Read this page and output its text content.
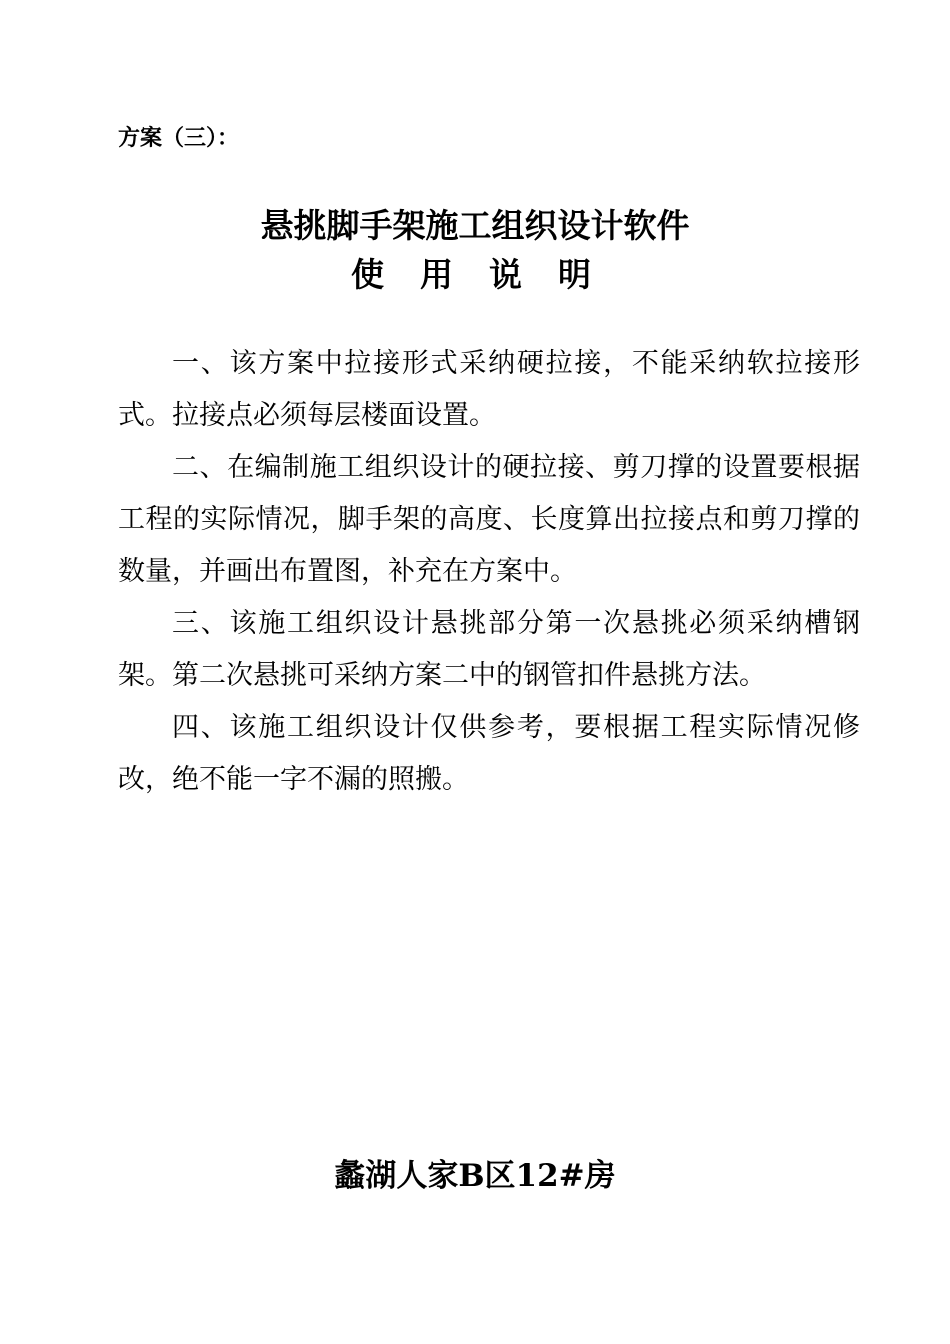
方案（三）：
悬挑脚手架施工组织设计软件
使用说明

一、该方案中拉接形式采纳硬拉接，不能采纳软拉接形式。拉接点必须每层楼面设置。

二、在编制施工组织设计的硬拉接、剪刀撑的设置要根据工程的实际情况，脚手架的高度、长度算出拉接点和剪刀撑的数量，并画出布置图，补充在方案中。

三、该施工组织设计悬挑部分第一次悬挑必须采纳槽钢架。第二次悬挑可采纳方案二中的钢管扣件悬挑方法。

四、该施工组织设计仅供参考，要根据工程实际情况修改，绝不能一字不漏的照搬。

蠡湖人家B区12#房
